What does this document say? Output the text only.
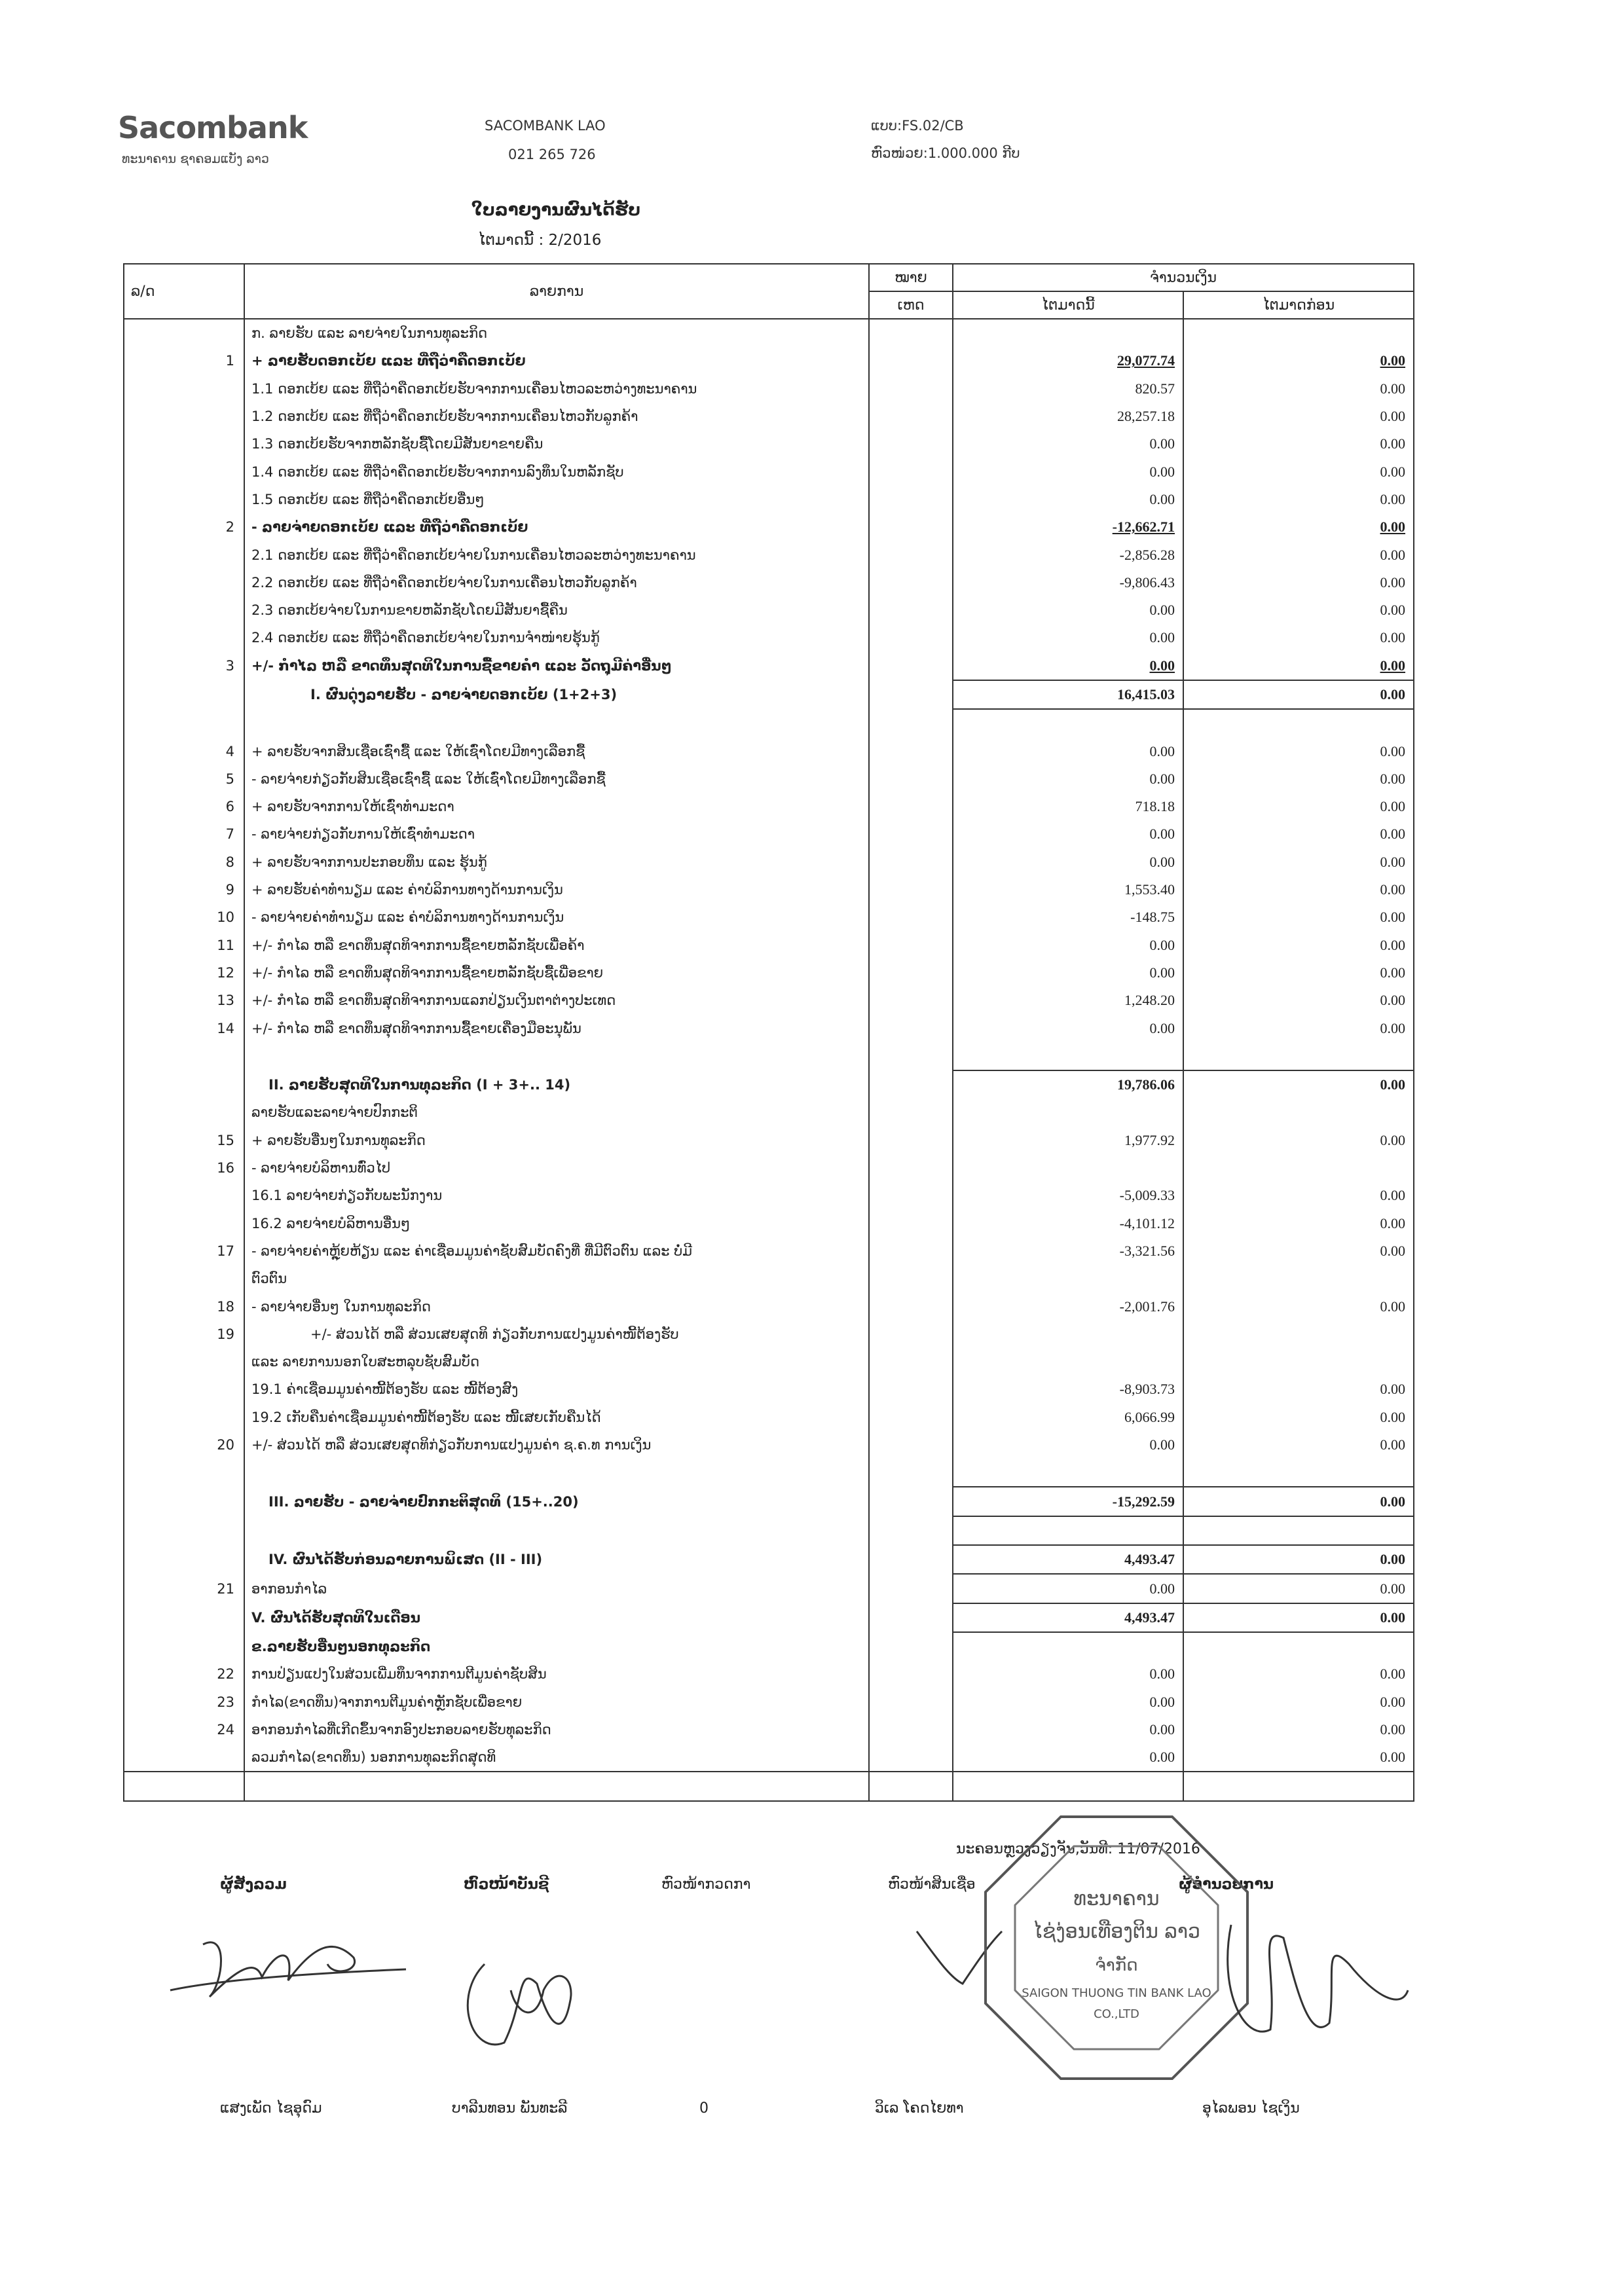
Sacombank
ທະນາຄານ ຊາຄອມແບັງ ລາວ
SACOMBANK LAO
021 265 726
ແບບ:FS.02/CB
ຫົວໜ່ວຍ:1.000.000 ກີບ
ໃບລາຍງານຜົນໄດ້ຮັບ
ໄຕມາດນີ້ : 2/2016
ລ/ດ	ລາຍການ	ໝາຍ	ຈຳນວນເງິນ	
		ເຫດ	ໄຕມາດນີ້	ໄຕມາດກ່ອນ
	ກ. ລາຍຮັບ ແລະ ລາຍຈ່າຍໃນການທຸລະກິດ			
1	+ ລາຍຮັບດອກເບ້ຍ ແລະ ທີ່ຖືວ່າຄືດອກເບ້ຍ		29,077.74	0.00
	1.1 ດອກເບ້ຍ ແລະ ທີ່ຖືວ່າຄືດອກເບ້ຍຮັບຈາກການເຄື່ອນໄຫວລະຫວ່າງທະນາຄານ		820.57	0.00
	1.2 ດອກເບ້ຍ ແລະ ທີ່ຖືວ່າຄືດອກເບ້ຍຮັບຈາກການເຄື່ອນໄຫວກັບລູກຄ້າ		28,257.18	0.00
	1.3 ດອກເບ້ຍຮັບຈາກຫລັກຊັບຊື້ໂດຍມີສັນຍາຂາຍຄືນ		0.00	0.00
	1.4 ດອກເບ້ຍ ແລະ ທີ່ຖືວ່າຄືດອກເບ້ຍຮັບຈາກການລົງທຶນໃນຫລັກຊັບ		0.00	0.00
	1.5 ດອກເບ້ຍ ແລະ ທີ່ຖືວ່າຄືດອກເບ້ຍອື່ນໆ		0.00	0.00
2	- ລາຍຈ່າຍດອກເບ້ຍ ແລະ ທີ່ຖືວ່າຄືດອກເບ້ຍ		-12,662.71	0.00
	2.1 ດອກເບ້ຍ ແລະ ທີ່ຖືວ່າຄືດອກເບ້ຍຈ່າຍໃນການເຄື່ອນໄຫວລະຫວ່າງທະນາຄານ		-2,856.28	0.00
	2.2 ດອກເບ້ຍ ແລະ ທີ່ຖືວ່າຄືດອກເບ້ຍຈ່າຍໃນການເຄື່ອນໄຫວກັບລູກຄ້າ		-9,806.43	0.00
	2.3 ດອກເບ້ຍຈ່າຍໃນການຂາຍຫລັກຊັບໂດຍມີສັນຍາຊື້ຄືນ		0.00	0.00
	2.4 ດອກເບ້ຍ ແລະ ທີ່ຖືວ່າຄືດອກເບ້ຍຈ່າຍໃນການຈຳໜ່າຍຮຸ້ນກູ້		0.00	0.00
3	+/- ກຳໄລ ຫລື ຂາດທຶນສຸດທິໃນການຊື້ຂາຍຄຳ ແລະ ວັດຖຸມີຄ່າອື່ນໆ		0.00	0.00
	I. ຜົນດຸ່ງລາຍຮັບ - ລາຍຈ່າຍດອກເບ້ຍ (1+2+3)		16,415.03	0.00

4	+ ລາຍຮັບຈາກສິນເຊື່ອເຊົ່າຊື້ ແລະ ໃຫ້ເຊົ່າໂດຍມີທາງເລືອກຊື້		0.00	0.00
5	- ລາຍຈ່າຍກ່ຽວກັບສິນເຊື່ອເຊົ່າຊື້ ແລະ ໃຫ້ເຊົ່າໂດຍມີທາງເລືອກຊື້		0.00	0.00
6	+ ລາຍຮັບຈາກການໃຫ້ເຊົ່າທຳມະດາ		718.18	0.00
7	- ລາຍຈ່າຍກ່ຽວກັບການໃຫ້ເຊົ່າທຳມະດາ		0.00	0.00
8	+ ລາຍຮັບຈາກການປະກອບທຶນ ແລະ ຮຸ້ນກູ້		0.00	0.00
9	+ ລາຍຮັບຄ່າທຳນຽມ ແລະ ຄ່າບໍລິການທາງດ້ານການເງິນ		1,553.40	0.00
10	- ລາຍຈ່າຍຄ່າທຳນຽມ ແລະ ຄ່າບໍລິການທາງດ້ານການເງິນ		-148.75	0.00
11	+/- ກຳໄລ ຫລື ຂາດທຶນສຸດທິຈາກການຊື້ຂາຍຫລັກຊັບເພື່ອຄ້າ		0.00	0.00
12	+/- ກຳໄລ ຫລື ຂາດທຶນສຸດທິຈາກການຊື້ຂາຍຫລັກຊັບຊື້ເພື່ອຂາຍ		0.00	0.00
13	+/- ກຳໄລ ຫລື ຂາດທຶນສຸດທິຈາກການແລກປ່ຽນເງິນຕາຕ່າງປະເທດ		1,248.20	0.00
14	+/- ກຳໄລ ຫລື ຂາດທຶນສຸດທິຈາກການຊື້ຂາຍເຄື່ອງມືອະນຸພັນ		0.00	0.00

	II. ລາຍຮັບສຸດທິໃນການທຸລະກິດ (I + 3+.. 14)		19,786.06	0.00
	ລາຍຮັບແລະລາຍຈ່າຍປົກກະຕິ			
15	+ ລາຍຮັບອື່ນໆໃນການທຸລະກິດ		1,977.92	0.00
16	- ລາຍຈ່າຍບໍລິຫານທົ່ວໄປ			
	16.1 ລາຍຈ່າຍກ່ຽວກັບພະນັກງານ		-5,009.33	0.00
	16.2 ລາຍຈ່າຍບໍລິຫານອື່ນໆ		-4,101.12	0.00
17	- ລາຍຈ່າຍຄ່າຫຼຸ້ຍຫ້ຽນ ແລະ ຄ່າເຊື່ອມມູນຄ່າຊັບສົມບັດຄົງທີ່ ທີ່ມີຕົວຕົນ ແລະ ບໍ່ມີ		-3,321.56	0.00
	ຕົວຕົນ			
18	- ລາຍຈ່າຍອື່ນໆ ໃນການທຸລະກິດ		-2,001.76	0.00
19	+/- ສ່ວນໄດ້ ຫລື ສ່ວນເສຍສຸດທິ ກ່ຽວກັບການແປງມູນຄ່າໜີ້ຕ້ອງຮັບ			
	ແລະ ລາຍການນອກໃບສະຫລຸບຊັບສົມບັດ			
	19.1 ຄ່າເຊື່ອມມູນຄ່າໜີ້ຕ້ອງຮັບ ແລະ ໜີ້ຕ້ອງສົງ		-8,903.73	0.00
	19.2 ເກັບຄືນຄ່າເຊື່ອມມູນຄ່າໜີ້ຕ້ອງຮັບ ແລະ ໜີ້ເສຍເກັບຄືນໄດ້		6,066.99	0.00
20	+/- ສ່ວນໄດ້ ຫລື ສ່ວນເສຍສຸດທິກ່ຽວກັບການແປງມູນຄ່າ ຊ.ຄ.ທ ການເງິນ		0.00	0.00

	III. ລາຍຮັບ - ລາຍຈ່າຍປົກກະຕິສຸດທິ (15+..20)		-15,292.59	0.00

	IV. ຜົນໄດ້ຮັບກ່ອນລາຍການພິເສດ (II - III)		4,493.47	0.00
21	ອາກອນກຳໄລ		0.00	0.00
	V. ຜົນໄດ້ຮັບສຸດທິໃນເດືອນ		4,493.47	0.00
	ຂ.ລາຍຮັບອື່ນໆນອກທຸລະກິດ			
22	ການປ່ຽນແປງໃນສ່ວນເພີ່ມທຶນຈາກການຕີມູນຄ່າຊັບສິນ		0.00	0.00
23	ກຳໄລ(ຂາດທຶນ)ຈາກການຕີມູນຄ່າຫຼັກຊັບເພື່ອຂາຍ		0.00	0.00
24	ອາກອນກຳໄລທີ່ເກີດຂຶ້ນຈາກອົງປະກອບລາຍຮັບທຸລະກິດ		0.00	0.00
	ລວມກຳໄລ(ຂາດທຶນ) ນອກການທຸລະກິດສຸດທິ		0.00	0.00

ນະຄອນຫຼວງວຽງຈັນ,ວັນທີ: 11/07/2016
ຜູ້ສັງລວມ	ຫົວໜ້າບັນຊີ	ຫົວໜ້າກວດກາ	ຫົວໜ້າສິນເຊື່ອ	ຜູ້ອຳນວຍການ
ທະນາຄານ
ໄຊ່ງ່ອນເທືອງຕິນ ລາວ
ຈຳກັດ
SAIGON THUONG TIN BANK LAO
CO.,LTD
ແສງເພັດ ໄຊອຸດົມ	ບາລີນທອນ ພັນທະລີ	0	ວິເລ ໂຄດໄຍທາ	ອຸໄລພອນ ໄຊເງິນ
